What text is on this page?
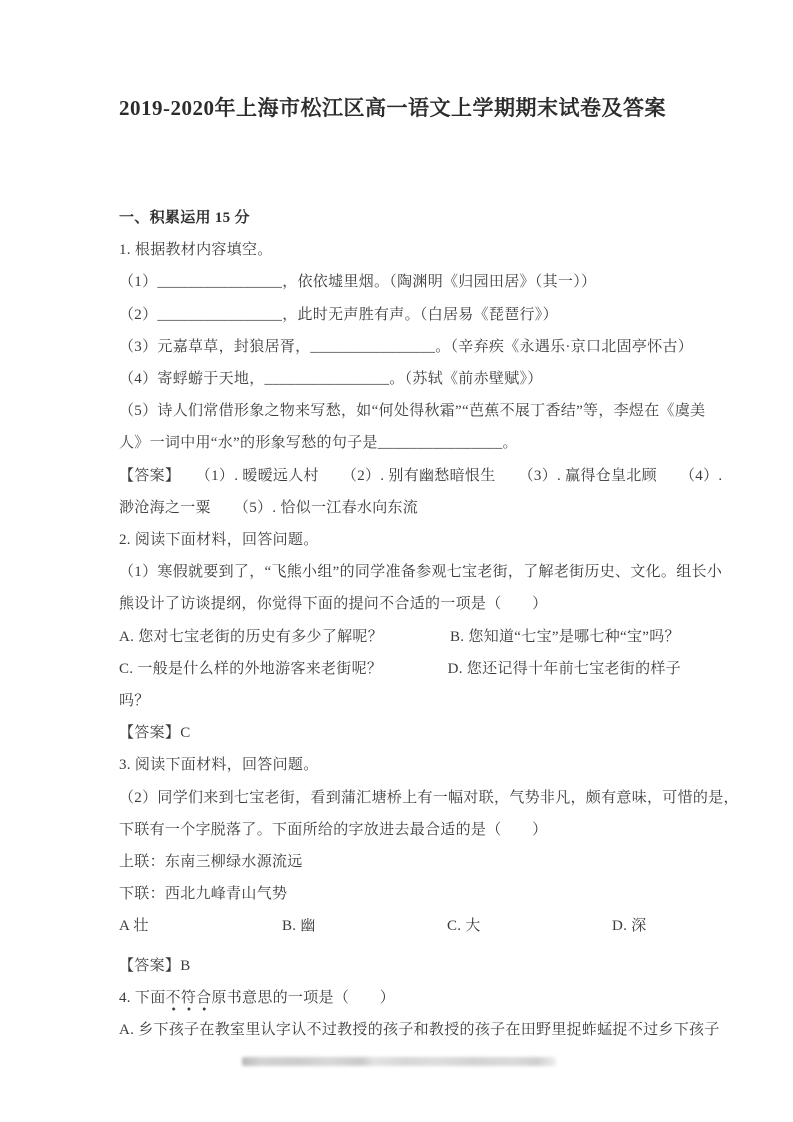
2019-2020年上海市松江区高一语文上学期期末试卷及答案

一、积累运用 15 分

1. 根据教材内容填空。

（1）________________，依依墟里烟。（陶渊明《归园田居》（其一））

（2）________________，此时无声胜有声。（白居易《琵琶行》）

（3）元嘉草草，封狼居胥，________________。（辛弃疾《永遇乐·京口北固亭怀古）

（4）寄蜉蝣于天地，________________。（苏轼《前赤壁赋》）

（5）诗人们常借形象之物来写愁，如“何处得秋霜”“芭蕉不展丁香结”等，李煜在《虞美

人》一词中用“水”的形象写愁的句子是________________。

【答案】　　（1）. 暧暧远人村　　（2）. 别有幽愁暗恨生　　（3）. 赢得仓皇北顾　　（4）.

渺沧海之一粟　　（5）. 恰似一江春水向东流

2. 阅读下面材料，回答问题。

（1）寒假就要到了，“飞熊小组”的同学准备参观七宝老街，了解老街历史、文化。组长小

熊设计了访谈提纲，你觉得下面的提问不合适的一项是（　　）

A. 您对七宝老街的历史有多少了解呢？	B. 您知道“七宝”是哪七种“宝”吗？
C. 一般是什么样的外地游客来老街呢？	D. 您还记得十年前七宝老街的样子

吗？

【答案】C

3. 阅读下面材料，回答问题。

（2）同学们来到七宝老街，看到蒲汇塘桥上有一幅对联，气势非凡，颇有意味，可惜的是，

下联有一个字脱落了。下面所给的字放进去最合适的是（　　）

上联：东南三柳绿水源流远

下联：西北九峰青山气势

A 壮	B. 幽	C. 大	D. 深

【答案】B

4. 下面不符合原书意思的一项是（　　）

A. 乡下孩子在教室里认字认不过教授的孩子和教授的孩子在田野里捉蚱蜢捉不过乡下孩子
